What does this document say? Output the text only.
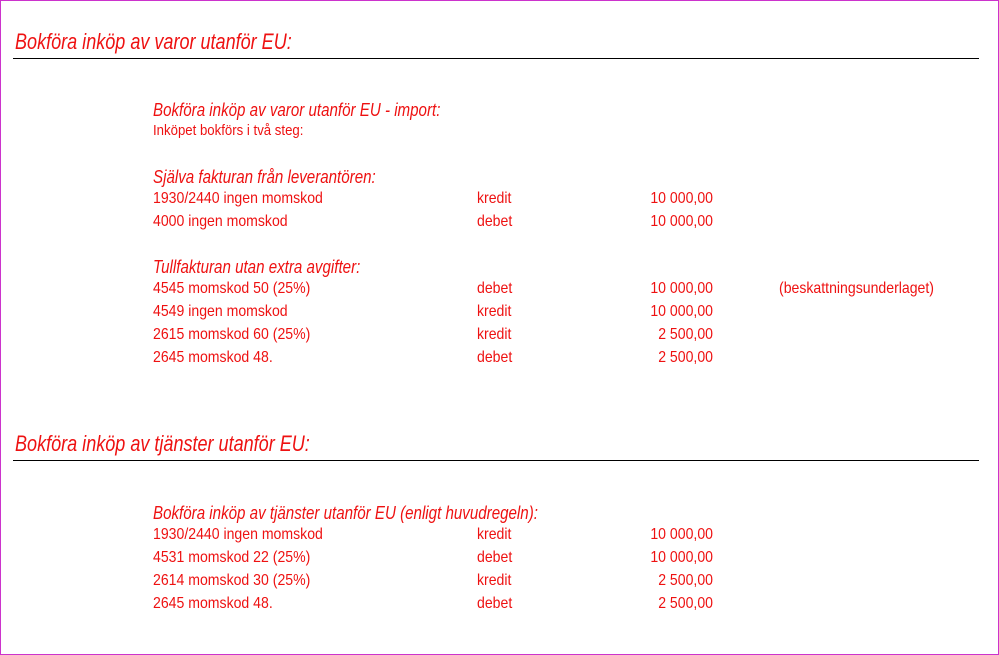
Bokföra inköp av varor utanför EU:
Bokföra inköp av varor utanför EU - import:
Inköpet bokförs i två steg:
Själva fakturan från leverantören:
1930/2440 ingen momskod	kredit	10 000,00
4000 ingen momskod	debet	10 000,00
Tullfakturan utan extra avgifter:
4545 momskod 50 (25%)	debet	10 000,00	(beskattningsunderlaget)
4549 ingen momskod	kredit	10 000,00
2615 momskod 60 (25%)	kredit	2 500,00
2645 momskod 48.	debet	2 500,00
Bokföra inköp av tjänster utanför EU:
Bokföra inköp av tjänster utanför EU (enligt huvudregeln):
1930/2440 ingen momskod	kredit	10 000,00
4531 momskod 22 (25%)	debet	10 000,00
2614 momskod 30 (25%)	kredit	2 500,00
2645 momskod 48.	debet	2 500,00
